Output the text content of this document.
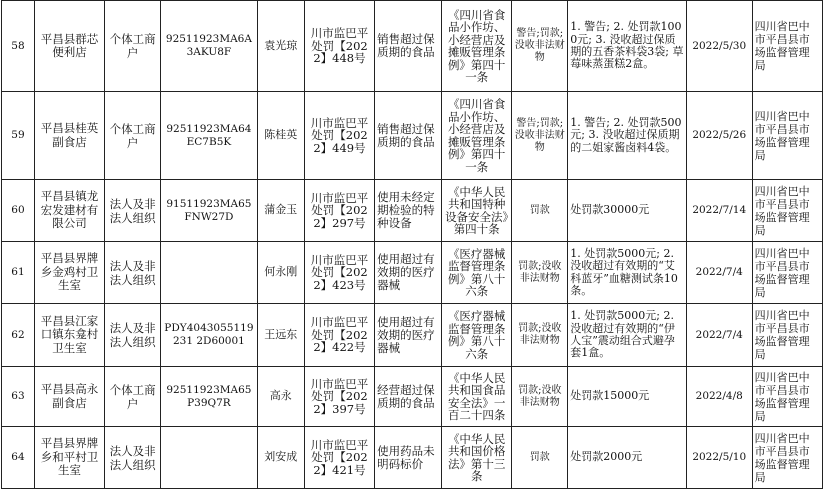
58	平昌县群芯便利店	个体工商户	92511923MA6A3AKU8F	袁光琼	川市监巴平处罚【2022】448号	销售超过保质期的食品	《四川省食品小作坊、小经营店及摊贩管理条例》第四十一条	警告;罚款;没收非法财物	1. 警告; 2. 处罚款1000元; 3. 没收超过保质期的五香茶料袋3袋; 草莓味蒸蛋糕2盒。	2022/5/30	四川省巴中市平昌县市场监督管理局
59	平昌县桂英副食店	个体工商户	92511923MA64EC7B5K	陈桂英	川市监巴平处罚【2022】449号	销售超过保质期的食品	《四川省食品小作坊、小经营店及摊贩管理条例》第四十一条	警告;罚款;没收非法财物	1. 警告; 2. 处罚款500元; 3. 没收超过保质期的二姐家酱卤料4袋。	2022/5/26	四川省巴中市平昌县市场监督管理局
60	平昌县镇龙宏发建材有限公司	法人及非法人组织	91511923MA65FNW27D	蒲金玉	川市监巴平处罚【2022】297号	使用未经定期检验的特种设备	《中华人民共和国特种设备安全法》第四十条	罚款	处罚款30000元	2022/7/14	四川省巴中市平昌县市场监督管理局
61	平昌县界牌乡金鸡村卫生室	法人及非法人组织		何永刚	川市监巴平处罚【2022】423号	使用超过有效期的医疗器械	《医疗器械监督管理条例》第八十六条	罚款;没收非法财物	1. 处罚款5000元; 2. 没收超过有效期的“艾科蓝牙”血糖测试条10条。	2022/7/4	四川省巴中市平昌县市场监督管理局
62	平昌县江家口镇东龛村卫生室	法人及非法人组织	PDY4043055119231 2D60001	王远东	川市监巴平处罚【2022】422号	使用超过有效期的医疗器械	《医疗器械监督管理条例》第八十六条	罚款;没收非法财物	1. 处罚款5000元; 2. 没收超过有效期的“伊人宝”震动组合式避孕套1盒。	2022/7/4	四川省巴中市平昌县市场监督管理局
63	平昌县高永副食店	个体工商户	92511923MA65P39Q7R	高永	川市监巴平处罚【2022】397号	经营超过保质期的食品	《中华人民共和国食品安全法》一百二十四条	罚款;没收非法财物	处罚款15000元	2022/4/8	四川省巴中市平昌县市场监督管理局
64	平昌县界牌乡和平村卫生室	法人及非法人组织		刘安成	川市监巴平处罚【2022】421号	使用药品未明码标价	《中华人民共和国价格法》第十三条	罚款	处罚款2000元	2022/5/10	四川省巴中市平昌县市场监督管理局
